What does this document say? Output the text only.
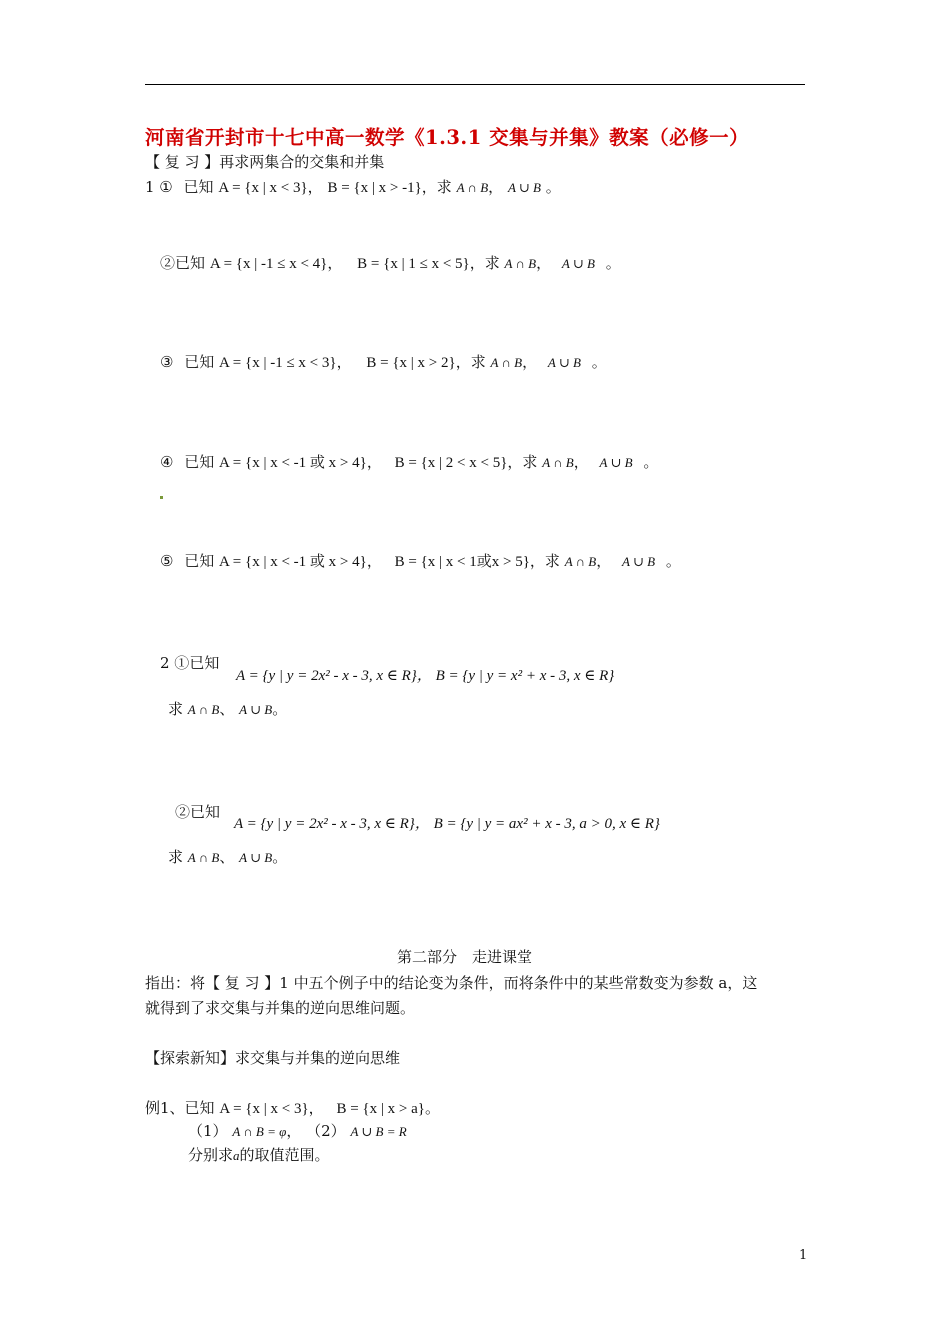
河南省开封市十七中高一数学《1.3.1 交集与并集》教案（必修一）
【 复 习 】再求两集合的交集和并集
1 ① 已知 A = {x | x < 3}， B = {x | x > -1}，求 A ∩ B， A ∪ B 。
②已知 A = {x | -1 ≤ x < 4}， B = {x | 1 ≤ x < 5}，求 A ∩ B， A ∪ B 。
③ 已知 A = {x | -1 ≤ x < 3}， B = {x | x > 2}，求 A ∩ B， A ∪ B 。
④ 已知 A = {x | x < -1 或 x > 4}， B = {x | 2 < x < 5}，求 A ∩ B， A ∪ B 。
⑤ 已知 A = {x | x < -1 或 x > 4}， B = {x | x < 1或x > 5}，求 A ∩ B， A ∪ B 。
2 ①已知
A = {y | y = 2x² - x - 3, x ∈ R}， B = {y | y = x² + x - 3, x ∈ R}
求 A ∩ B、 A ∪ B。
②已知
A = {y | y = 2x² - x - 3, x ∈ R}， B = {y | y = ax² + x - 3, a > 0, x ∈ R}
求 A ∩ B、 A ∪ B。
第二部分　走进课堂
指出：将【 复 习 】1 中五个例子中的结论变为条件，而将条件中的某些常数变为参数 a，这
就得到了求交集与并集的逆向思维问题。
【探索新知】求交集与并集的逆向思维
例1、已知 A = {x | x < 3}， B = {x | x > a}。
（1） A ∩ B = φ， （2） A ∪ B = R
分别求a的取值范围。
1
